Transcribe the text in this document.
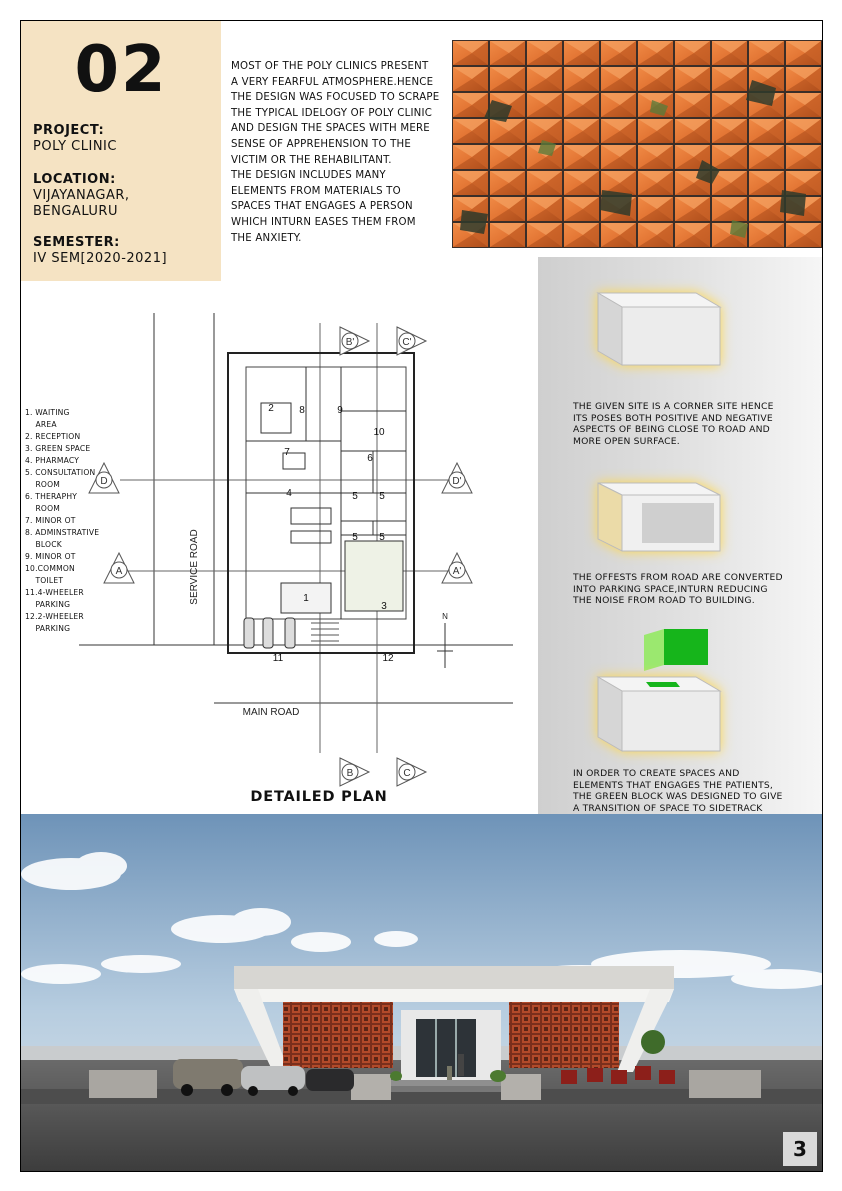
02
PROJECT:
POLY CLINIC
LOCATION:
VIJAYANAGAR,
BENGALURU
SEMESTER:
IV SEM[2020-2021]
MOST OF THE POLY CLINICS PRESENT
A VERY FEARFUL ATMOSPHERE.HENCE
THE DESIGN WAS FOCUSED TO SCRAPE
THE TYPICAL IDELOGY OF POLY CLINIC
AND DESIGN THE SPACES WITH MERE
SENSE OF APPREHENSION TO THE
VICTIM OR THE REHABILITANT.
THE DESIGN INCLUDES MANY
ELEMENTS FROM MATERIALS TO
SPACES THAT ENGAGES A PERSON
WHICH INTURN EASES THEM FROM
THE ANXIETY.
B'	C'
D	D'
A	A'
B	C
1
2
3
4	5 5
5 5
6
7
8	9
10
11	12
SERVICE ROAD
MAIN ROAD
N
1. WAITING
AREA
2. RECEPTION
3. GREEN SPACE
4. PHARMACY
5. CONSULTATION
ROOM
6. THERAPHY
ROOM
7. MINOR OT
8. ADMINSTRATIVE
BLOCK
9. MINOR OT
10.COMMON
TOILET
11.4-WHEELER
PARKING
12.2-WHEELER
PARKING
DETAILED PLAN
THE GIVEN SITE IS A CORNER SITE HENCE
ITS POSES BOTH POSITIVE AND NEGATIVE
ASPECTS OF BEING CLOSE TO ROAD AND
MORE OPEN SURFACE.
THE OFFESTS FROM ROAD ARE CONVERTED
INTO PARKING SPACE,INTURN REDUCING
THE NOISE FROM ROAD TO BUILDING.
IN ORDER TO CREATE SPACES AND
ELEMENTS THAT ENGAGES THE PATIENTS,
THE GREEN BLOCK WAS DESIGNED TO GIVE
A TRANSITION OF SPACE TO SIDETRACK
3
